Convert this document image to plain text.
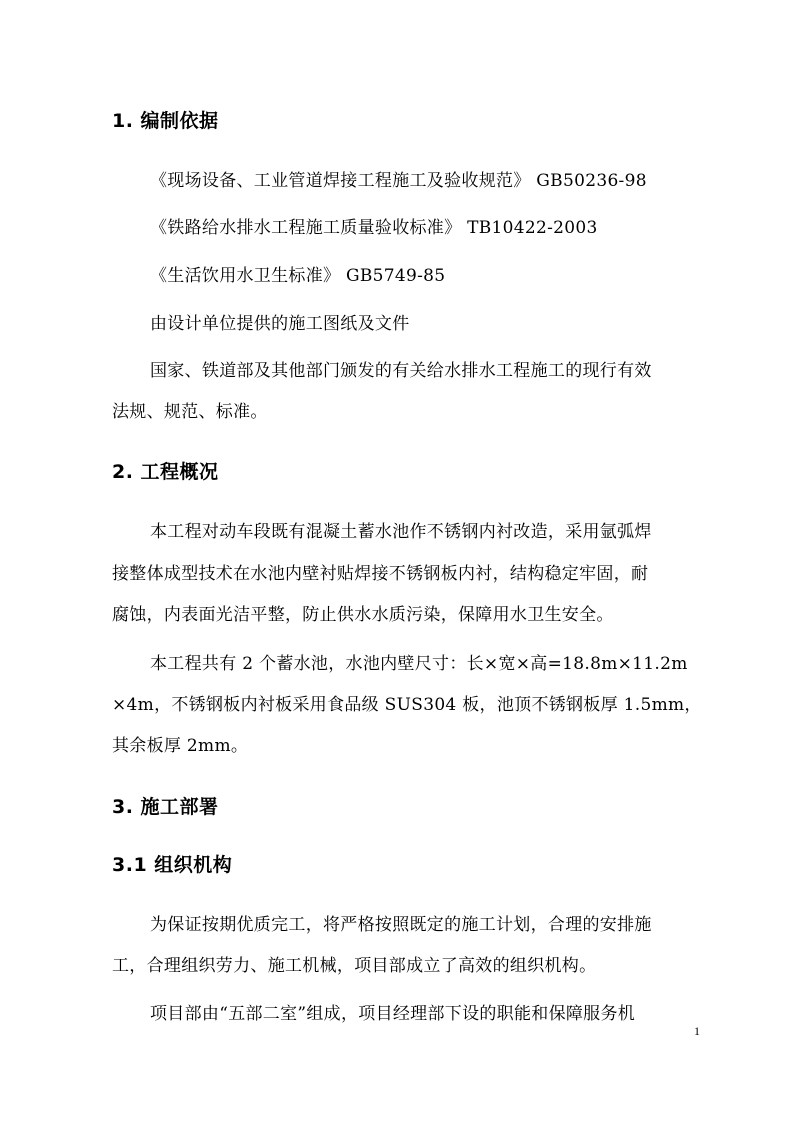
1. 编制依据
《现场设备、工业管道焊接工程施工及验收规范》 GB50236-98
《铁路给水排水工程施工质量验收标准》 TB10422-2003
《生活饮用水卫生标准》 GB5749-85
由设计单位提供的施工图纸及文件
国家、铁道部及其他部门颁发的有关给水排水工程施工的现行有效
法规、规范、标准。
2. 工程概况
本工程对动车段既有混凝土蓄水池作不锈钢内衬改造，采用氩弧焊
接整体成型技术在水池内壁衬贴焊接不锈钢板内衬，结构稳定牢固，耐
腐蚀，内表面光洁平整，防止供水水质污染，保障用水卫生安全。
本工程共有 2 个蓄水池，水池内壁尺寸：长×宽×高=18.8m×11.2m
×4m，不锈钢板内衬板采用食品级 SUS304 板，池顶不锈钢板厚 1.5mm，
其余板厚 2mm。
3. 施工部署
3.1 组织机构
为保证按期优质完工，将严格按照既定的施工计划，合理的安排施
工，合理组织劳力、施工机械，项目部成立了高效的组织机构。
项目部由“五部二室”组成，项目经理部下设的职能和保障服务机
1
